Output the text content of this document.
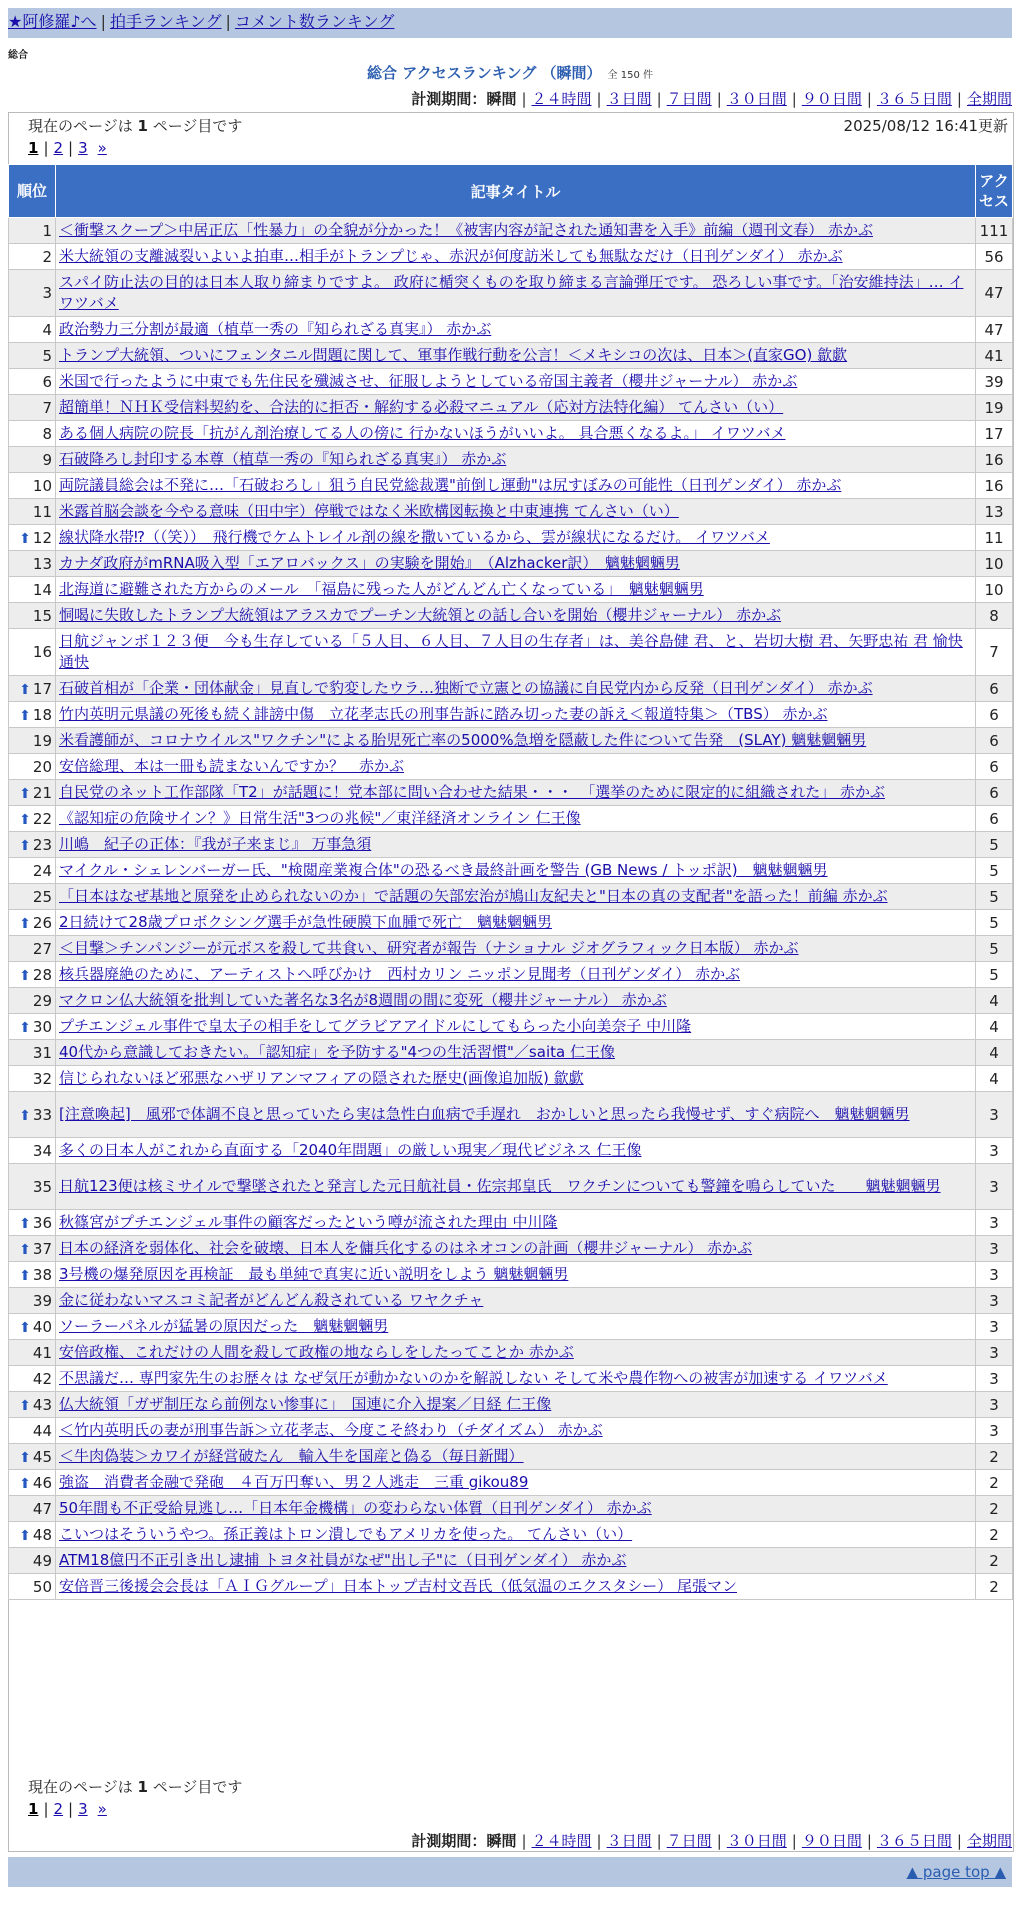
★阿修羅♪へ | 拍手ランキング | コメント数ランキング
総合
総合 アクセスランキング （瞬間） 全 150 件
計測期間：瞬間 | ２４時間 | ３日間 | ７日間 | ３０日間 | ９０日間 | ３６５日間 | 全期間
現在のページは 1 ページ目です	2025/08/12 16:41更新
1 | 2 | 3 »
順位	記事タイトル	アクセス
1	＜衝撃スクープ＞中居正広「性暴力」の全貌が分かった！《被害内容が記された通知書を入手》前編（週刊文春） 赤かぶ	111
2	米大統領の支離滅裂いよいよ拍車…相手がトランプじゃ、赤沢が何度訪米しても無駄なだけ（日刊ゲンダイ） 赤かぶ	56
3	スパイ防止法の目的は日本人取り締まりですよ。 政府に楯突くものを取り締まる言論弾圧です。 恐ろしい事です。「治安維持法」… イワツバメ	47
4	政治勢力三分割が最適（植草一秀の『知られざる真実』） 赤かぶ	47
5	トランプ大統領、ついにフェンタニル問題に関して、軍事作戦行動を公言！＜メキシコの次は、日本＞(直家GO) 歙歔	41
6	米国で行ったように中東でも先住民を殲滅させ、征服しようとしている帝国主義者（櫻井ジャーナル） 赤かぶ	39
7	超簡単！ＮＨＫ受信料契約を、合法的に拒否・解約する必殺マニュアル（応対方法特化編） てんさい（い）	19
8	ある個人病院の院長「抗がん剤治療してる人の傍に 行かないほうがいいよ。 具合悪くなるよ。」 イワツバメ	17
9	石破降ろし封印する本尊（植草一秀の『知られざる真実』） 赤かぶ	16
10	両院議員総会は不発に…「石破おろし」狙う自民党総裁選"前倒し運動"は尻すぼみの可能性（日刊ゲンダイ） 赤かぶ	16
11	米露首脳会談を今やる意味（田中宇）停戦ではなく米欧構図転換と中東連携 てんさい（い）	13
⬆ 12	線状降水帯⁉（（笑））　飛行機でケムトレイル剤の線を撒いているから、雲が線状になるだけ。 イワツバメ	11
13	カナダ政府がmRNA吸入型「エアロバックス」の実験を開始』　（Alzhacker訳）　魑魅魍魎男	10
14	北海道に避難された方からのメール　「福島に残った人がどんどん亡くなっている」　魑魅魍魎男	10
15	恫喝に失敗したトランプ大統領はアラスカでプーチン大統領との話し合いを開始（櫻井ジャーナル） 赤かぶ	8
16	日航ジャンボ１２３便　今も生存している「５人目、６人目、７人目の生存者」は、美谷島健 君、と、岩切大樹 君、矢野忠祐 君 愉快通快	7
⬆ 17	石破首相が「企業・団体献金」見直しで豹変したウラ…独断で立憲との協議に自民党内から反発（日刊ゲンダイ） 赤かぶ	6
⬆ 18	竹内英明元県議の死後も続く誹謗中傷　立花孝志氏の刑事告訴に踏み切った妻の訴え＜報道特集＞（TBS） 赤かぶ	6
19	米看護師が、コロナウイルス"ワクチン"による胎児死亡率の5000%急増を隠蔽した件について告発　(SLAY) 魑魅魍魎男	6
20	安倍総理、本は一冊も読まないんですか？　赤かぶ	6
⬆ 21	自民党のネット工作部隊「T2」が話題に！党本部に問い合わせた結果・・・　「選挙のために限定的に組織された」 赤かぶ	6
⬆ 22	《認知症の危険サイン？》日常生活"3つの兆候"／東洋経済オンライン 仁王像	6
⬆ 23	川嶋　紀子の正体：『我が子来まじ』 万事急須	5
24	マイクル・シェレンバーガー氏、"検閲産業複合体"の恐るべき最終計画を警告 (GB News / トッポ訳)　魑魅魍魎男	5
25	「日本はなぜ基地と原発を止められないのか」で話題の矢部宏治が鳩山友紀夫と"日本の真の支配者"を語った！前編 赤かぶ	5
⬆ 26	2日続けて28歳プロボクシング選手が急性硬膜下血腫で死亡　魑魅魍魎男	5
27	＜目撃＞チンパンジーが元ボスを殺して共食い、研究者が報告（ナショナル ジオグラフィック日本版） 赤かぶ	5
⬆ 28	核兵器廃絶のために、アーティストへ呼びかけ　西村カリン ニッポン見聞考（日刊ゲンダイ） 赤かぶ	5
29	マクロン仏大統領を批判していた著名な3名が8週間の間に変死（櫻井ジャーナル） 赤かぶ	4
⬆ 30	プチエンジェル事件で皇太子の相手をしてグラビアアイドルにしてもらった小向美奈子 中川隆	4
31	40代から意識しておきたい。「認知症」を予防する"4つの生活習慣"／saita 仁王像	4
32	信じられないほど邪悪なハザリアンマフィアの隠された歴史(画像追加版) 歙歔	4
⬆ 33	[注意喚起]　風邪で体調不良と思っていたら実は急性白血病で手遅れ　おかしいと思ったら我慢せず、すぐ病院へ　魑魅魍魎男	3
34	多くの日本人がこれから直面する「2040年問題」の厳しい現実／現代ビジネス 仁王像	3
35	日航123便は核ミサイルで撃墜されたと発言した元日航社員・佐宗邦皇氏　ワクチンについても警鐘を鳴らしていた　　魑魅魍魎男	3
⬆ 36	秋篠宮がプチエンジェル事件の顧客だったという噂が流された理由 中川隆	3
⬆ 37	日本の経済を弱体化、社会を破壊、日本人を傭兵化するのはネオコンの計画（櫻井ジャーナル） 赤かぶ	3
⬆ 38	3号機の爆発原因を再検証　最も単純で真実に近い説明をしよう 魑魅魍魎男	3
39	金に従わないマスコミ記者がどんどん殺されている ワヤクチャ	3
⬆ 40	ソーラーパネルが猛暑の原因だった　魑魅魍魎男	3
41	安倍政権、これだけの人間を殺して政権の地ならしをしたってことか 赤かぶ	3
42	不思議だ… 専門家先生のお歴々は なぜ気圧が動かないのかを解説しない そして米や農作物への被害が加速する イワツバメ	3
⬆ 43	仏大統領「ガザ制圧なら前例ない惨事に」　国連に介入提案／日経 仁王像	3
44	＜竹内英明氏の妻が刑事告訴＞立花孝志、今度こそ終わり（チダイズム） 赤かぶ	3
⬆ 45	＜牛肉偽装＞カワイが経営破たん　輸入牛を国産と偽る（毎日新聞）	2
⬆ 46	強盗　消費者金融で発砲　４百万円奪い、男２人逃走　三重 gikou89	2
47	50年間も不正受給見逃し…「日本年金機構」の変わらない体質（日刊ゲンダイ） 赤かぶ	2
⬆ 48	こいつはそういうやつ。孫正義はトロン潰しでもアメリカを使った。 てんさい（い）	2
49	ATM18億円不正引き出し逮捕 トヨタ社員がなぜ"出し子"に（日刊ゲンダイ） 赤かぶ	2
50	安倍晋三後援会会長は「ＡＩＧグループ」日本トップ吉村文吾氏（低気温のエクスタシー） 尾張マン	2
現在のページは 1 ページ目です
1 | 2 | 3 »
計測期間：瞬間 | ２４時間 | ３日間 | ７日間 | ３０日間 | ９０日間 | ３６５日間 | 全期間
▲ page top ▲
